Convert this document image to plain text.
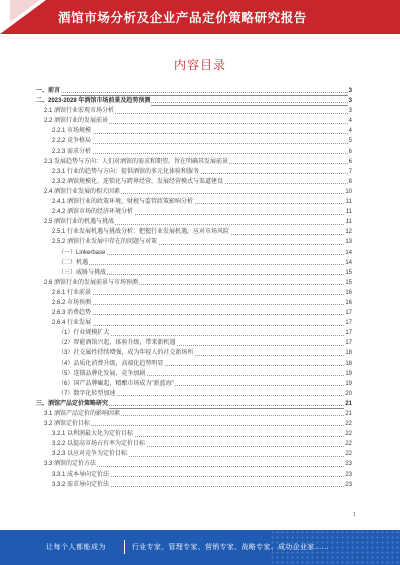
酒馆市场分析及企业产品定价策略研究报告
内容目录
一、前言	3
二、2023-2028 年酒馆市场前景及趋势预测	3
2.1 酒馆行业宏观市场分析	3
2.2 酒馆行业的发展前景	4
2.2.1 市场规模	4
2.2.2 竞争格局	5
2.2.3 需求分析	6
2.3 发展趋势与方向：人们对酒馆的需求和期望，旨在明确其发展前景	6
2.3.1 行业的趋势与方向：提供酒馆的多元化体验和服务	7
2.3.2 酒馆规模化、连锁化与跨界经营，发展经营模式与渠道建设	8
2.4 酒馆行业发展的相关因素	10
2.4.1 酒馆行业的政策环境，财税与监管政策影响分析	11
2.4.2 酒馆市场的经济环境分析	11
2.5 酒馆行业的机遇与挑战	11
2.5.1 行业发展机遇与挑战分析：把握行业发展机遇，应对市场风险	12
2.5.2 酒馆行业发展中存在的问题与对策	13
（一）Linkerbase	14
（二）机遇	14
（三）威胁与挑战	15
2.6 酒馆行业的发展前景与市场预测	15
2.6.1 行业前景	16
2.6.2 市场预测	16
2.6.3 消费趋势	17
2.6.4 行业发展	17
（1）行业规模扩大	17
（2）智能酒馆兴起，体验升级，带来新机遇	17
（3）社交属性持续增强，成为年轻人的社交新场所	18
（4）品质化消费升级，高端化趋势明显	18
（5）连锁品牌化发展，竞争加剧	19
（6）国产品牌崛起，精酿市场成为"新蓝海"	19
（7）数字化转型加速	20
三、酒馆产品定价策略研究	21
3.1 酒馆产品定价的影响因素	21
3.2 酒馆定价目标	22
3.2.1 以利润最大化为定价目标	22
3.2.2 以提高市场占有率为定价目标	22
3.2.3 以应对竞争为定价目标	22
3.3 酒馆的定价方法	23
3.3.1 成本导向定价法	23
3.3.2 需求导向定价法	23
1
让每个人都能成为	行业专家、管理专家、营销专家、战略专家、成功企业家……
